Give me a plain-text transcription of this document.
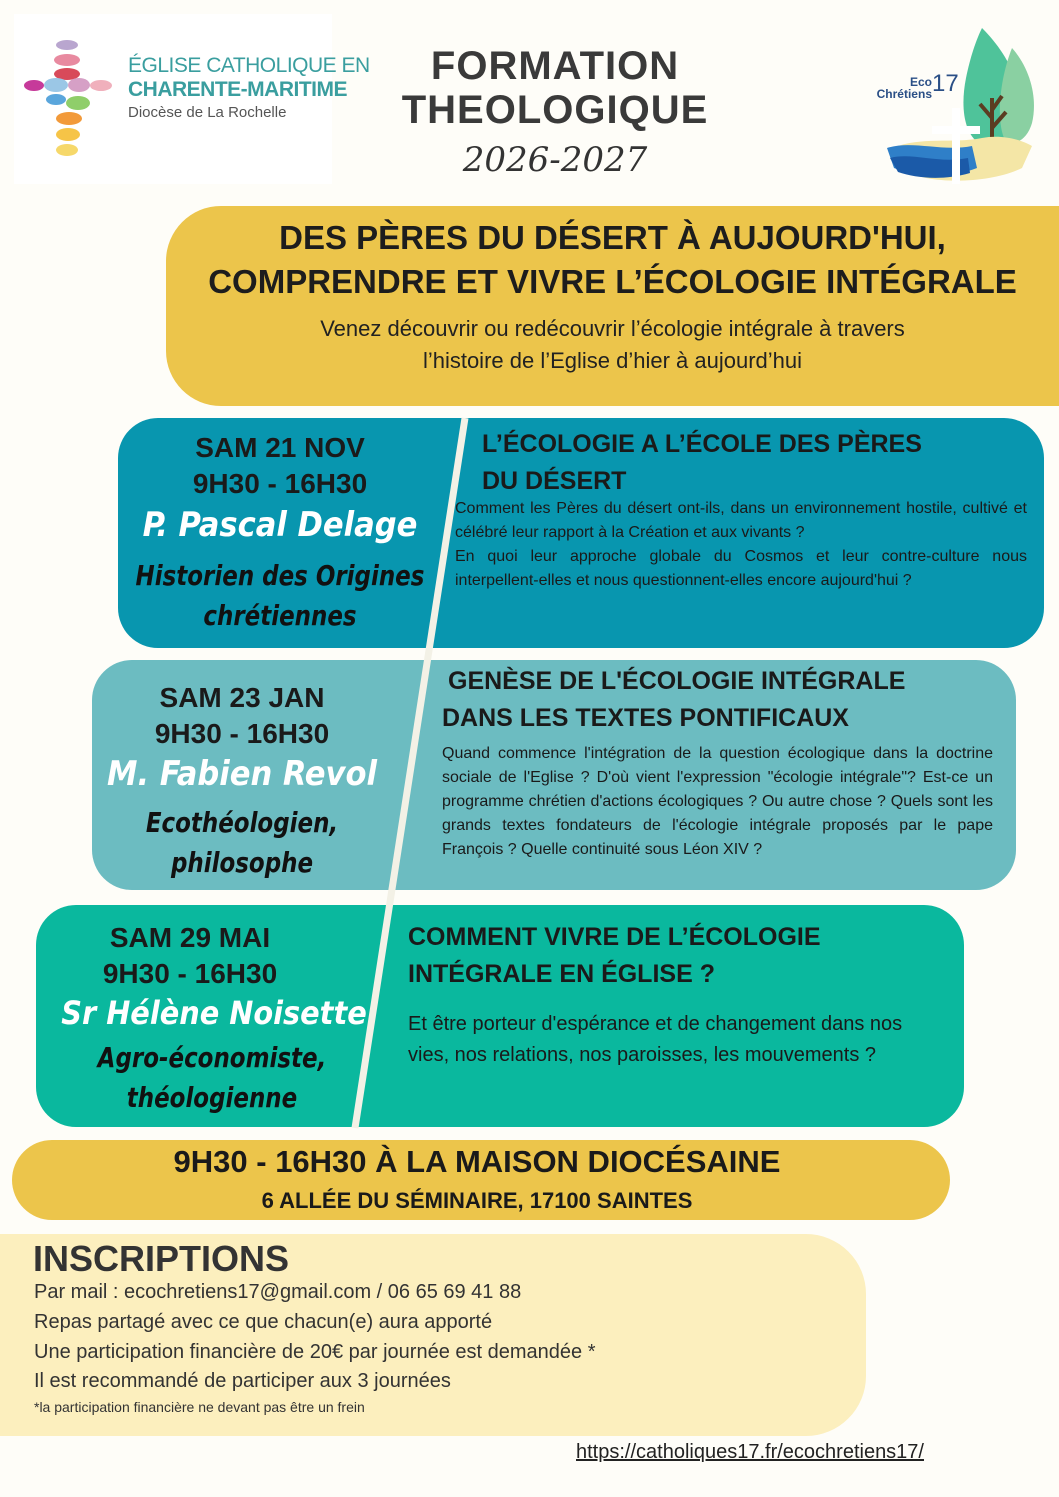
ÉGLISE CATHOLIQUE EN
CHARENTE-MARITIME
Diocèse de La Rochelle
FORMATION
THEOLOGIQUE
2026-2027
Eco
Chrétiens 17
DES PÈRES DU DÉSERT À AUJOURD'HUI,
COMPRENDRE ET VIVRE L’ÉCOLOGIE INTÉGRALE
Venez découvrir ou redécouvrir l’écologie intégrale à travers
l’histoire de l’Eglise d’hier à aujourd’hui
SAM 21 NOV
9H30 - 16H30
P. Pascal Delage
Historien des Origines
chrétiennes
L’ÉCOLOGIE A L’ÉCOLE DES PÈRES
DU DÉSERT
Comment les Pères du désert ont-ils, dans un environnement hostile, cultivé et célébré leur rapport à la Création et aux vivants ?
En quoi leur approche globale du Cosmos et leur contre-culture nous interpellent-elles et nous questionnent-elles encore aujourd'hui ?
SAM 23 JAN
9H30 - 16H30
M. Fabien Revol
Ecothéologien,
philosophe
GENÈSE DE L'ÉCOLOGIE INTÉGRALE
DANS LES TEXTES PONTIFICAUX
Quand commence l'intégration de la question écologique dans la doctrine sociale de l'Eglise ? D'où vient l'expression "écologie intégrale"? Est-ce un programme chrétien d'actions écologiques ? Ou autre chose ? Quels sont les grands textes fondateurs de l'écologie intégrale proposés par le pape François ? Quelle continuité sous Léon XIV ?
SAM 29 MAI
9H30 - 16H30
Sr Hélène Noisette
Agro-économiste,
théologienne
COMMENT VIVRE DE L’ÉCOLOGIE
INTÉGRALE EN ÉGLISE ?
Et être porteur d'espérance et de changement dans nos vies, nos relations, nos paroisses, les mouvements ?
9H30 - 16H30 À LA MAISON DIOCÉSAINE
6 ALLÉE DU SÉMINAIRE, 17100 SAINTES
INSCRIPTIONS
Par mail : ecochretiens17@gmail.com / 06 65 69 41 88
Repas partagé avec ce que chacun(e) aura apporté
Une participation financière de 20€ par journée est demandée *
Il est recommandé de participer aux 3 journées
*la participation financière ne devant pas être un frein
https://catholiques17.fr/ecochretiens17/
